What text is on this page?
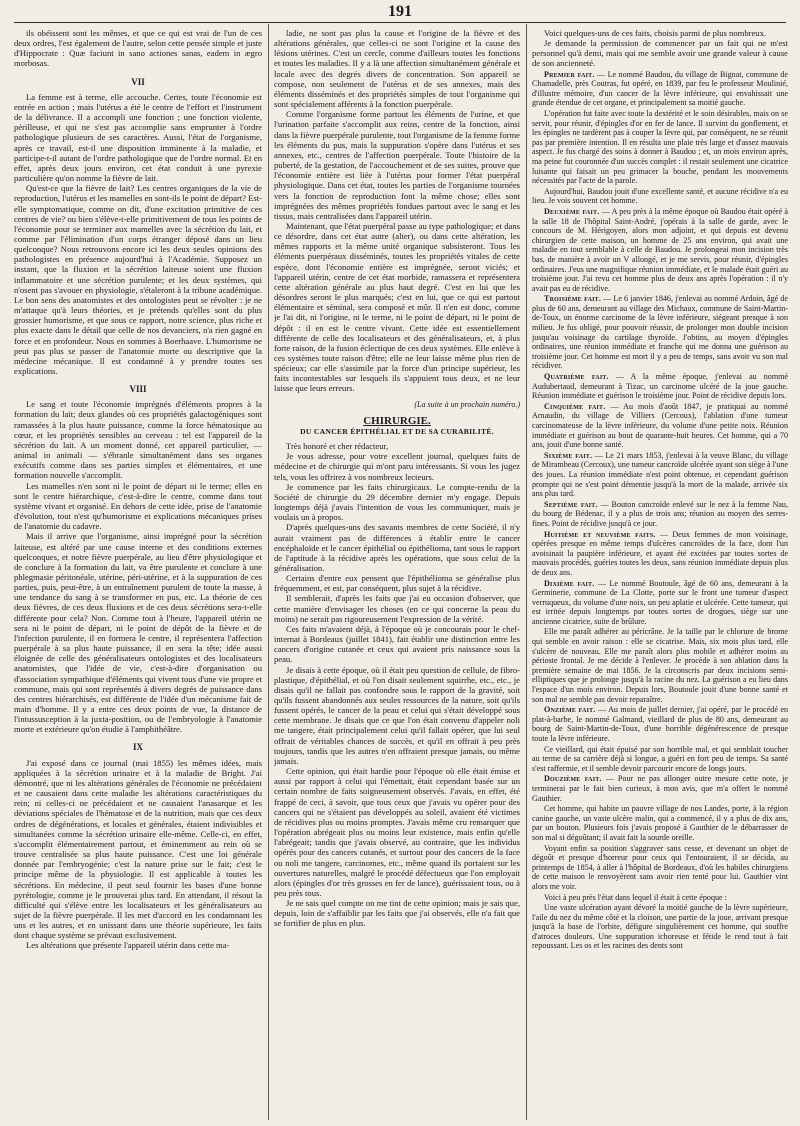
191

ils obéissent sont les mêmes, et que ce qui est vrai de l'un de ces deux ordres, l'est également de l'autre, selon cette pensée simple et juste d'Hippocrate : Quæ faciunt in sano actiones sanas, eadem in ægro morbosas.

VII

La femme est à terme, elle accouche. Certes, toute l'économie est entrée en action ; mais l'utérus a été le centre de l'effort et l'instrument de la délivrance. Il a accompli une fonction ; une fonction violente, périlleuse, et qui ne s'est pas accomplie sans emprunter à l'ordre pathologique plusieurs de ses caractères. Aussi, l'état de l'organisme, après ce travail, est-il une disposition imminente à la maladie, et participe-t-il autant de l'ordre pathologique que de l'ordre normal. Et en effet, après deux jours environ, cet état conduit à une pyrexie particulière qu'on nomme la fièvre de lait.

Qu'est-ce que la fièvre de lait? Les centres organiques de la vie de reproduction, l'utérus et les mamelles en sont-ils le point de départ? Est-elle symptomatique, comme on dit, d'une excitation primitive de ces centres de vie? ou bien s'élève-t-elle primitivement de tous les points de l'économie pour se terminer aux mamelles avec la sécrétion du lait, et comme par l'élimination d'un corps étranger déposé dans un lieu quelconque? Nous retrouvons encore ici les deux seules opinions des pathologistes en présence aujourd'hui à l'Académie. Supposez un instant, que la fluxion et la sécrétion laiteuse soient une fluxion inflammatoire et une sécrétion purulente; et les deux systèmes, qui n'osent pas s'avouer en physiologie, s'étaleront à la tribune académique. Le bon sens des anatomistes et des ontologistes peut se révolter : je ne m'attaque qu'à leurs théories, et je prétends qu'elles sont du plus grossier humorisme, et que sous ce rapport, notre science, plus riche et plus exacte dans le détail que celle de nos devanciers, n'a rien gagné en force et en profondeur. Nous en sommes à Boerhaave. L'humorisme ne peut pas plus se passer de l'anatomie morte ou descriptive que la médecine mécanique. Il est condamné à y prendre toutes ses explications.

VIII

Le sang et toute l'économie imprégnés d'éléments propres à la formation du lait; deux glandes où ces propriétés galactogéniques sont ramassées à la plus haute puissance, comme la force hématosique au cœur, et les propriétés sensibles au cerveau : tel est l'appareil de la sécrétion du lait. A un moment donné, cet appareil particulier, — animal in animali — s'ébranle simultanément dans ses organes exécutifs comme dans ses parties simples et élémentaires, et une formation nouvelle s'accomplit.

Les mamelles n'en sont ni le point de départ ni le terme; elles en sont le centre hiérarchique, c'est-à-dire le centre, comme dans tout système vivant et organisé. En dehors de cette idée, prise de l'anatomie d'évolution, tout n'est qu'humorisme et explications mécaniques prises de l'anatomie du cadavre.

Mais il arrive que l'organisme, ainsi imprégné pour la sécrétion laiteuse, est altéré par une cause interne et des conditions externes quelconques, et notre fièvre puerpérale, au lieu d'être physiologique et de conclure à la formation du lait, va être purulente et conclure à une phlegmasie péritonéale, utérine, péri-utérine, et à la suppuration de ces parties, puis, peut-être, à un entraînement purulent de toute la masse, à une tendance du sang à se transformer en pus, etc. La théorie de ces deux fièvres, de ces deux fluxions et de ces deux sécrétions sera-t-elle différente pour cela? Non. Comme tout à l'heure, l'appareil utérin ne sera ni le point de départ, ni le point de dépôt de la fièvre et de l'infection purulente, il en formera le centre, il représentera l'affection puerpérale à sa plus haute puissance, il en sera la tête; idée aussi éloignée de celle des généralisateurs ontologistes et des localisateurs anatomistes, que l'idée de vie, c'est-à-dire d'organisation ou d'association sympathique d'éléments qui vivent tous d'une vie propre et commune, mais qui sont représentés à divers degrés de puissance dans des centres hiérarchisés, est différente de l'idée d'un mécanisme fait de main d'homme. Il y a entre ces deux points de vue, la distance de l'intussusception à la juxta-position, ou de l'embryologie à l'anatomie morte et extérieure qu'on étudie à l'amphithéâtre.

IX

J'ai exposé dans ce journal (mai 1855) les mêmes idées, mais appliquées à la sécrétion urinaire et à la maladie de Bright. J'ai démontré, que ni les altérations générales de l'économie ne précédaient et ne causaient dans cette maladie les altérations caractéristiques du rein; ni celles-ci ne précédaient et ne causaient l'anasarque et les déviations spéciales de l'hématose et de la nutrition, mais que ces deux ordres de dégénérations, et locales et générales, étaient indivisibles et simultanées comme la sécrétion urinaire elle-même. Celle-ci, en effet, s'accomplit élémentairement partout, et éminemment au rein où se trouve centralisée sa plus haute puissance. C'est une loi générale donnée par l'embryogénie; c'est la nature prise sur le fait; c'est le principe même de la physiologie. Il est applicable à toutes les sécrétions. En médecine, il peut seul fournir les bases d'une bonne pyrétologie, comme je le prouverai plus tard. En attendant, il résout la difficulté qui s'élève entre les localisateurs et les généralisateurs au sujet de la fièvre puerpérale. Il les met d'accord en les condamnant les uns et les autres, et en unissant dans une théorie supérieure, les faits dont chaque système se prévaut exclusivement.

Les altérations que présente l'appareil utérin dans cette ma-

ladie, ne sont pas plus la cause et l'origine de la fièvre et des altérations générales, que celles-ci ne sont l'origine et la cause des lésions utérines. C'est un cercle, comme d'ailleurs toutes les fonctions et toutes les maladies. Il y a là une affection simultanément générale et locale avec des degrés divers de concentration. Son appareil se compose, non seulement de l'utérus et de ses annexes, mais des éléments disséminés et des propriétés simples de tout l'organisme qui sont spécialement afférents à la fonction puerpérale.

Comme l'organisme forme partout les éléments de l'urine, et que l'urination parfaite s'accomplit aux reins, centre de la fonction, ainsi dans la fièvre puerpérale purulente, tout l'organisme de la femme forme les éléments du pus, mais la suppuration s'opère dans l'utérus et ses annexes, etc., centres de l'affection puerpérale. Toute l'histoire de la puberté, de la gestation, de l'accouchement et de ses suites, prouve que l'économie entière est liée à l'utérus pour former l'état puerpéral physiologique. Dans cet état, toutes les parties de l'organisme tournées vers la fonction de reproduction font la même chose; elles sont imprégnées des mêmes propriétés fondues partout avec le sang et les tissus, mais centralisées dans l'appareil utérin.

Maintenant, que l'état puerpéral passe au type pathologique; et dans ce désordre, dans cet état autre (alter), ou dans cette altération, les mêmes rapports et la même unité organique subsisteront. Tous les éléments puerpéraux disséminés, toutes les propriétés vitales de cette espèce, dont l'économie entière est imprégnée, seront viciés; et l'appareil utérin, centre de cet état morbide, ramassera et représentera cette altération générale au plus haut degré. C'est en lui que les désordres seront le plus marqués; c'est en lui, que ce qui est partout élémentaire et séminal, sera composé et mûr. Il n'en est donc, comme je l'ai dit, ni l'origine, ni le terme, ni le point de départ, ni le point de dépôt : il en est le centre vivant. Cette idée est essentiellement différente de celle des localisateurs et des généralisateurs, et, à plus forte raison, de la fusion éclectique de ces deux systèmes. Elle enlève à ces systèmes toute raison d'être; elle ne leur laisse même plus rien de spécieux; car elle s'assimile par la force d'un principe supérieur, les faits incontestables sur lesquels ils s'appuient tous deux, et ne leur laisse que leurs erreurs.

(La suite à un prochain numéro.)
CHIRURGIE.
DU CANCER ÉPITHÉLIAL ET DE SA CURABILITÉ.

Très honoré et cher rédacteur,

Je vous adresse, pour votre excellent journal, quelques faits de médecine et de chirurgie qui m'ont paru intéressants. Si vous les jugez tels, vous les offrirez à vos nombreux lecteurs.

Je commence par les faits chirurgicaux. Le compte-rendu de la Société de chirurgie du 29 décembre dernier m'y engage. Depuis longtemps déjà j'avais l'intention de vous les communiquer, mais je voulais un à propos.

D'après quelques-uns des savants membres de cette Société, il n'y aurait vraiment pas de différences à établir entre le cancer encéphaloïde et le cancer épithélial ou épithélioma, tant sous le rapport de l'aptitude à la récidive après les opérations, que sous celui de la généralisation.

Certains d'entre eux pensent que l'épithélioma se généralise plus fréquemment, et est, par conséquent, plus sujet à la récidive.

Il semblerait, d'après les faits que j'ai eu occasion d'observer, que cette manière d'envisager les choses (en ce qui concerne la peau du moins) ne serait pas rigoureusement l'expression de la vérité.

Ces faits m'avaient déjà, à l'époque où je concourais pour le chef-internat à Bordeaux (juillet 1841), fait établir une distinction entre les cancers d'origine cutanée et ceux qui avaient pris naissance sous la peau.

Je disais à cette époque, où il était peu question de cellule, de fibro-plastique, d'épithélial, et où l'on disait seulement squirrhe, etc., etc., je disais qu'il ne fallait pas confondre sous le rapport de la gravité, soit qu'ils fussent abandonnés aux seules ressources de la nature, soit qu'ils fussent opérés, le cancer de la peau et celui qui s'était développé sous cette membrane. Je disais que ce que l'on était convenu d'appeler noli me tangere, était principalement celui qu'il fallait opérer, que lui seul offrait de véritables chances de succès, et qu'il en offrait à peu près toujours, tandis que les autres n'en offraient presque jamais, ou même jamais.

Cette opinion, qui était hardie pour l'époque où elle était émise et aussi par rapport à celui qui l'émettait, était cependant basée sur un certain nombre de faits soigneusement observés. J'avais, en effet, été frappé de ceci, à savoir, que tous ceux que j'avais vu opérer pour des cancers qui ne s'étaient pas développés au soleil, avaient été victimes de récidives plus ou moins promptes. J'avais même cru remarquer que l'opération abrégeait plus ou moins leur existence, mais enfin qu'elle l'abrégeait; tandis que j'avais observé, au contraire, que les individus opérés pour des cancers cutanés, et surtout pour des cancers de la face ou noli me tangere, carcinomes, etc., même quand ils portaient sur les ouvertures naturelles, malgré le procédé défectueux que l'on employait alors (épingles d'or très grosses en fer de lance), guérissaient tous, ou à peu près tous.

Je ne sais quel compte on me tint de cette opinion; mais je sais que, depuis, loin de s'affaiblir par les faits que j'ai observés, elle n'a fait que se fortifier de plus en plus.

Voici quelques-uns de ces faits, choisis parmi de plus nombreux.

Je demande la permission de commencer par un fait qui ne m'est personnel qu'à demi, mais qui me semble avoir une grande valeur à cause de son ancienneté.

Premier fait. — Le nommé Baudou, du village de Bignat, commune de Chamadelle, près Coutras, fut opéré, en 1839, par feu le professeur Moulinié, d'illustre mémoire, d'un cancer de la lèvre inférieure, qui envahissait une grande étendue de cet organe, et principalement sa moitié gauche.

L'opération fut faite avec toute la dextérité et le soin désirables, mais on se servit, pour réunir, d'épingles d'or en fer de lance. Il survint du gonflement, et les épingles ne tardèrent pas à couper la lèvre qui, par conséquent, ne se réunit pas par première intention. Il en résulta une plaie très large et d'assez mauvais aspect. Je fus chargé des soins à donner à Baudou ; et, un mois environ après, ma peine fut couronnée d'un succès complet : il restait seulement une cicatrice luisante qui faisait un peu grimacer la bouche, pendant les mouvements nécessités par l'acte de la parole.

Aujourd'hui, Baudou jouit d'une excellente santé, et aucune récidive n'a eu lieu. Je vois souvent cet homme.

Deuxième fait. — A peu près à la même époque où Baudou était opéré à la salle 18 de l'hôpital Saint-André, j'opérais à la salle de garde, avec le concours de M. Hérigoyen, alors mon adjoint, et qui depuis est devenu chirurgien de cette maison, un homme de 25 ans environ, qui avait une maladie en tout semblable à celle de Baudou. Je prolongeai mon incision très bas, de manière à avoir un V allongé, et je me servis, pour réunir, d'épingles ordinaires. J'eus une magnifique réunion immédiate, et le malade était guéri au troisième jour. J'ai revu cet homme plus de deux ans après l'opération : il n'y avait pas eu de récidive.

Troisième fait. — Le 6 janvier 1846, j'enlevai au nommé Ardoin, âgé de plus de 60 ans, demeurant au village des Michaux, commune de Saint-Martin-de-Toux, un énorme carcinome de la lèvre inférieure, siégeant presque à son milieu. Je fus obligé, pour pouvoir réussir, de prolonger mon double incision jusqu'au voisinage du cartilage thyroïde. J'obtins, au moyen d'épingles ordinaires, une réunion immédiate et franche qui me donna une guérison au troisième jour. Cet homme est mort il y a peu de temps, sans avoir vu son mal récidiver.

Quatrième fait. — A la même époque, j'enlevai au nommé Audubertaud, demeurant à Tizac, un carcinome ulcéré de la joue gauche. Réunion immédiate et guérison le troisième jour. Point de récidive depuis lors.

Cinquième fait. — Au mois d'août 1847, je pratiquai au nommé Arnaudin, du village de Villiers (Cercoux), l'ablation d'une tumeur carcinomateuse de la lèvre inférieure, du volume d'une petite noix. Réunion immédiate et guérison au bout de quarante-huit heures. Cet homme, qui a 70 ans, jouit d'une bonne santé.

Sixième fait. — Le 21 mars 1853, j'enlevai à la veuve Blanc, du village de Mirambeau (Cercoux), une tumeur cancroïde ulcérée ayant son siège à l'une des joues. La réunion immédiate n'est point obtenue, et cependant guérison prompte qui ne s'est point démentie jusqu'à la mort de la malade, arrivée six ans plus tard.

Septième fait. — Bouton cancroïde enlevé sur le nez à la femme Nau, du bourg de Bédenac, il y a plus de trois ans; réunion au moyen des serres-fines. Point de récidive jusqu'à ce jour.

Huitième et neuvième faits. — Deux femmes de mon voisinage, opérées presque en même temps d'ulcères cancroïdes de la face, dont l'un avoisinait la paupière inférieure, et ayant été excitées par toutes sortes de mauvais procédés, guéries toutes les deux, sans réunion immédiate depuis plus de deux ans.

Dixième fait. — Le nommé Boutoule, âgé de 60 ans, demeurant à la Germinerie, commune de La Clotte, porte sur le front une tumeur d'aspect verruqueux, du volume d'une noix, un peu aplatie et ulcérée. Cette tumeur, qui est irritée depuis longtemps par toutes sortes de drogues, siège sur une ancienne cicatrice, suite de brûlure.

Elle me paraît adhérer au péricrâne. Je la taille par le chlorure de brome qui semble en avoir raison : elle se cicatrise. Mais, six mois plus tard, elle s'ulcère de nouveau. Elle me paraît alors plus mobile et adhérer moins au périoste frontal. Je me décide à l'enlever. Je procède à son ablation dans la première semaine de mai 1856. Je la circonscris par deux incisions semi-elliptiques que je prolonge jusqu'à la racine du nez. La guérison a eu lieu dans l'espace d'un mois environ. Depuis lors, Boutoule jouit d'une bonne santé et son mal ne semble pas devoir reparaître.

Onzième fait. — Au mois de juillet dernier, j'ai opéré, par le procédé en plat-à-barbe, le nommé Galmand, vieillard de plus de 80 ans, demeurant au bourg de Saint-Martin-de-Toux, d'une horrible dégénérescence de presque toute la lèvre inférieure.

Ce vieillard, qui était épuisé par son horrible mal, et qui semblait toucher au terme de sa carrière déjà si longue, a guéri en fort peu de temps. Sa santé s'est raffermie, et il semble devoir parcourir encore de longs jours.

Douzième fait. — Pour ne pas allonger outre mesure cette note, je terminerai par le fait bien curieux, à mon avis, que m'a offert le nommé Gauthier.

Cet homme, qui habite un pauvre village de nos Landes, porte, à la région canine gauche, un vaste ulcère malin, qui a commencé, il y a plus de dix ans, par un bouton. Plusieurs fois j'avais proposé à Gauthier de le débarrasser de son mal si dégoûtant; il avait fait la sourde oreille.

Voyant enfin sa position s'aggraver sans cesse, et devenant un objet de dégoût et presque d'horreur pour ceux qui l'entouraient, il se décida, au printemps de 1854, à aller à l'hôpital de Bordeaux, d'où les habiles chirurgiens de cette maison le renvoyèrent sans avoir rien tenté pour lui. Gauthier vint alors me voir.

Voici à peu près l'état dans lequel il était à cette époque :

Une vaste ulcération ayant dévoré la moitié gauche de la lèvre supérieure, l'aile du nez du même côté et la cloison, une partie de la joue, arrivant presque jusqu'à la base de l'orbite, défigure singulièrement cet homme, qui souffre d'atroces douleurs. Une suppuration ichoreuse et fétide le rend tout à fait repoussant. Les os et les racines des dents sont
